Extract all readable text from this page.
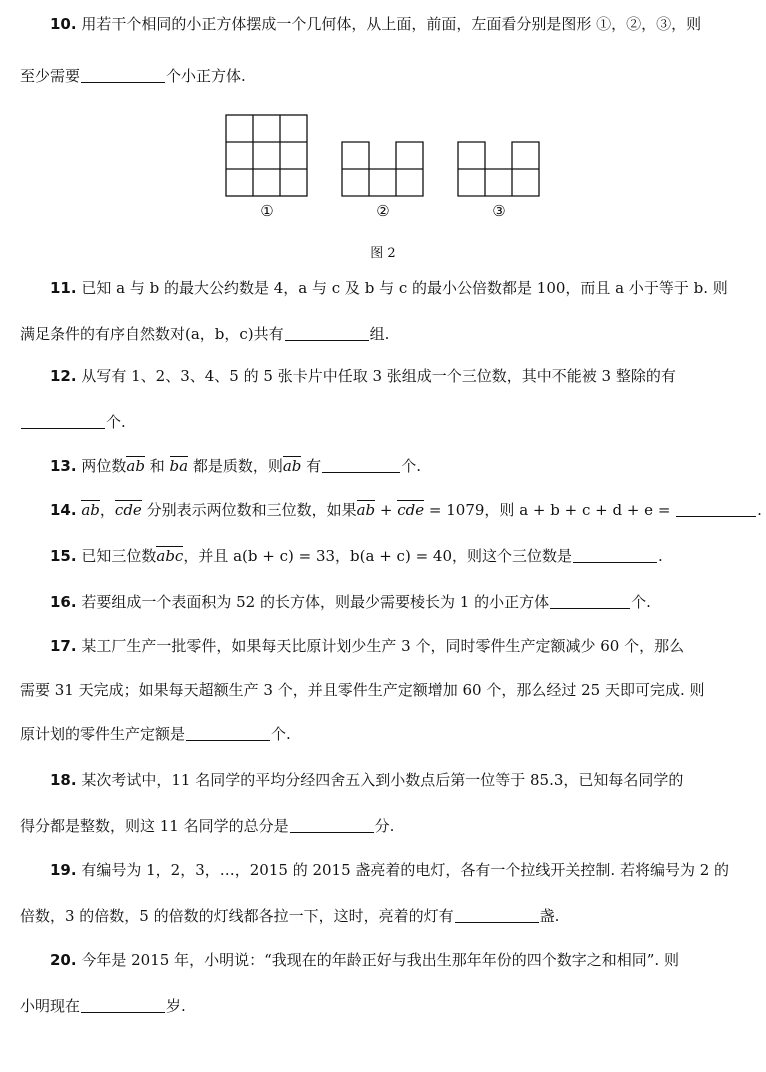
10. 用若干个相同的小正方体摆成一个几何体，从上面，前面，左面看分别是图形 ①，②，③，则
至少需要	个小正方体.
①	②	③
图 2
11. 已知 a 与 b 的最大公约数是 4，a 与 c 及 b 与 c 的最小公倍数都是 100，而且 a 小于等于 b. 则
满足条件的有序自然数对(a，b，c)共有	组.
12. 从写有 1、2、3、4、5 的 5 张卡片中任取 3 张组成一个三位数，其中不能被 3 整除的有
个.
13. 两位数ab 和 ba 都是质数，则ab 有	个.
14. ab，cde 分别表示两位数和三位数，如果ab + cde = 1079，则 a + b + c + d + e =	.
15. 已知三位数abc，并且 a(b + c) = 33，b(a + c) = 40，则这个三位数是	.
16. 若要组成一个表面积为 52 的长方体，则最少需要棱长为 1 的小正方体	个.
17. 某工厂生产一批零件，如果每天比原计划少生产 3 个，同时零件生产定额减少 60 个，那么
需要 31 天完成；如果每天超额生产 3 个，并且零件生产定额增加 60 个，那么经过 25 天即可完成. 则
原计划的零件生产定额是	个.
18. 某次考试中，11 名同学的平均分经四舍五入到小数点后第一位等于 85.3，已知每名同学的
得分都是整数，则这 11 名同学的总分是	分.
19. 有编号为 1，2，3，…，2015 的 2015 盏亮着的电灯，各有一个拉线开关控制. 若将编号为 2 的
倍数，3 的倍数，5 的倍数的灯线都各拉一下，这时，亮着的灯有	盏.
20. 今年是 2015 年，小明说：“我现在的年龄正好与我出生那年年份的四个数字之和相同”. 则
小明现在	岁.
